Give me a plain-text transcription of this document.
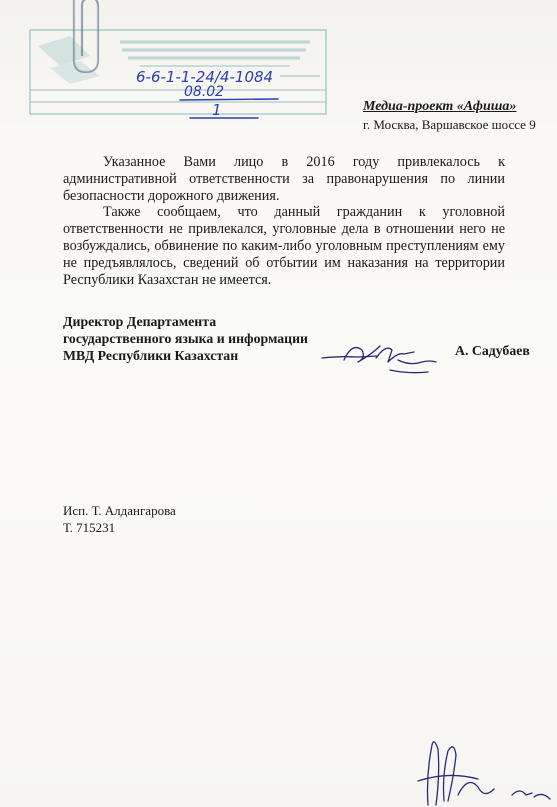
6-6-1-1-24/4-1084
08.02
1	Медиа-проект «Афиша»
г. Москва, Варшавское шоссе 9

Указанное Вами лицо в 2016 году привлекалось к административной ответственности за правонарушения по линии безопасности дорожного движения.

Также сообщаем, что данный гражданин к уголовной ответственности не привлекался, уголовные дела в отношении него не возбуждались, обвинение по каким-либо уголовным преступлениям ему не предъявлялось, сведений об отбытии им наказания на территории Республики Казахстан не имеется.

Директор Департамента
государственного языка и информации
МВД Республики Казахстан	А. Садубаев
Исп. Т. Алдангарова
Т. 715231
